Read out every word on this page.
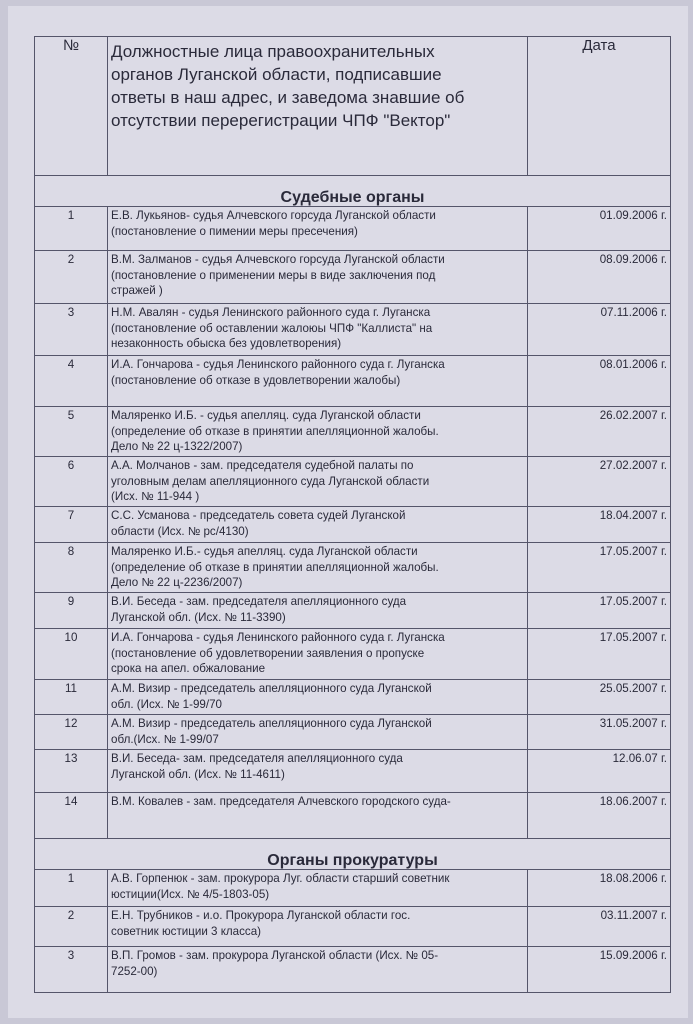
№	Должностные лица правоохранительных
органов Луганской области, подписавшие
ответы в наш адрес, и заведома знавшие об
отсутствии перерегистрации ЧПФ "Вектор"	Дата
Судебные органы		
1	Е.В. Лукьянов- судья Алчевского горсуда Луганской области
(постановление о пимении меры пресечения)	01.09.2006 г.
2	В.М. Залманов - судья Алчевского горсуда Луганской области
(постановление о применении меры в виде заключения под
стражей )	08.09.2006 г.
3	Н.М. Авалян - судья Ленинского районного суда г. Луганска
(постановление об оставлении жалоюы ЧПФ "Каллиста" на
незаконность обыска без удовлетворения)	07.11.2006 г.
4	И.А. Гончарова - судья Ленинского районного суда г. Луганска
(постановление об отказе в удовлетворении жалобы)	08.01.2006 г.
5	Маляренко И.Б. - судья апелляц. суда Луганской области
(определение об отказе в принятии апелляционной жалобы.
Дело № 22 ц-1322/2007)	26.02.2007 г.
6	А.А. Молчанов - зам. председателя судебной палаты по
уголовным делам апелляционного суда Луганской области
(Исх. № 11-944 )	27.02.2007 г.
7	С.С. Усманова - председатель совета судей Луганской
области (Исх. № рс/4130)	18.04.2007 г.
8	Маляренко И.Б.- судья апелляц. суда Луганской области
(определение об отказе в принятии апелляционной жалобы.
Дело № 22 ц-2236/2007)	17.05.2007 г.
9	В.И. Беседа - зам. председателя апелляционного суда
Луганской обл. (Исх. № 11-3390)	17.05.2007 г.
10	И.А. Гончарова - судья Ленинского районного суда г. Луганска
(постановление об удовлетворении заявления о пропуске
срока на апел. обжалование	17.05.2007 г.
11	А.М. Визир - председатель апелляционного суда Луганской
обл. (Исх. № 1-99/70	25.05.2007 г.
12	А.М. Визир - председатель апелляционного суда Луганской
обл.(Исх. № 1-99/07	31.05.2007 г.
13	В.И. Беседа- зам. председателя апелляционного суда
Луганской обл. (Исх. № 11-4611)	12.06.07 г.
14	В.М. Ковалев - зам. председателя Алчевского городского суда-	18.06.2007 г.
Органы прокуратуры		
1	А.В. Горпенюк - зам. прокурора Луг. области старший советник
юстиции(Исх. № 4/5-1803-05)	18.08.2006 г.
2	Е.Н. Трубников - и.о. Прокурора Луганской области гос.
советник юстиции 3 класса)	03.11.2007 г.
3	В.П. Громов - зам. прокурора Луганской области (Исх. № 05-
7252-00)	15.09.2006 г.
